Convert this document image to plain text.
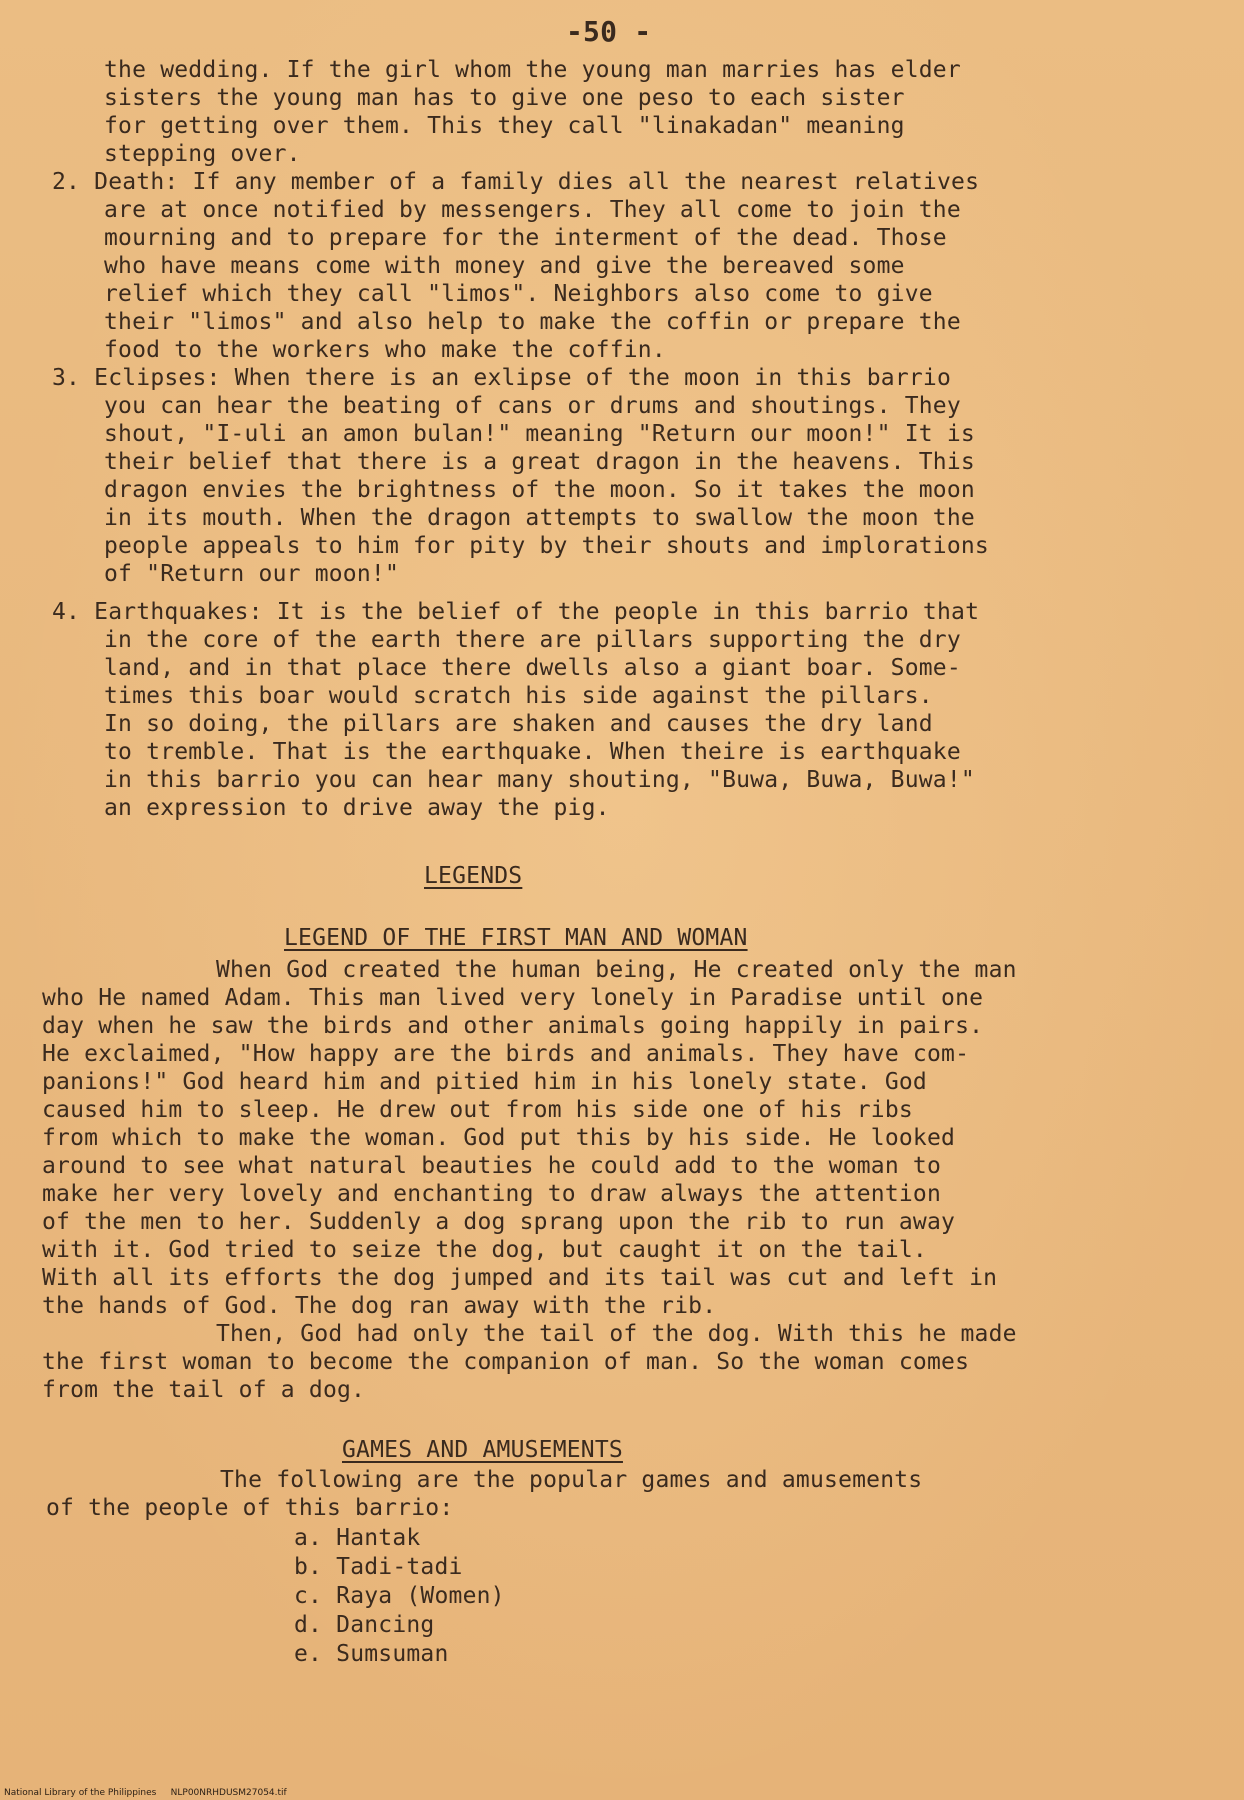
-50 -
the wedding. If the girl whom the young man marries has elder
sisters the young man has to give one peso to each sister
for getting over them. This they call "linakadan" meaning
stepping over.
2. Death: If any member of a family dies all the nearest relatives
are at once notified by messengers. They all come to join the
mourning and to prepare for the interment of the dead. Those
who have means come with money and give the bereaved some
relief which they call "limos". Neighbors also come to give
their "limos" and also help to make the coffin or prepare the
food to the workers who make the coffin.
3. Eclipses: When there is an exlipse of the moon in this barrio
you can hear the beating of cans or drums and shoutings. They
shout, "I-uli an amon bulan!" meaning "Return our moon!" It is
their belief that there is a great dragon in the heavens. This
dragon envies the brightness of the moon. So it takes the moon
in its mouth. When the dragon attempts to swallow the moon the
people appeals to him for pity by their shouts and implorations
of "Return our moon!"
4. Earthquakes: It is the belief of the people in this barrio that
in the core of the earth there are pillars supporting the dry
land, and in that place there dwells also a giant boar. Some-
times this boar would scratch his side against the pillars.
In so doing, the pillars are shaken and causes the dry land
to tremble. That is the earthquake. When theire is earthquake
in this barrio you can hear many shouting, "Buwa, Buwa, Buwa!"
an expression to drive away the pig.
LEGENDS
LEGEND OF THE FIRST MAN AND WOMAN
When God created the human being, He created only the man
who He named Adam. This man lived very lonely in Paradise until one
day when he saw the birds and other animals going happily in pairs.
He exclaimed, "How happy are the birds and animals. They have com-
panions!" God heard him and pitied him in his lonely state. God
caused him to sleep. He drew out from his side one of his ribs
from which to make the woman. God put this by his side. He looked
around to see what natural beauties he could add to the woman to
make her very lovely and enchanting to draw always the attention
of the men to her. Suddenly a dog sprang upon the rib to run away
with it. God tried to seize the dog, but caught it on the tail.
With all its efforts the dog jumped and its tail was cut and left in
the hands of God. The dog ran away with the rib.
Then, God had only the tail of the dog. With this he made
the first woman to become the companion of man. So the woman comes
from the tail of a dog.
GAMES AND AMUSEMENTS
The following are the popular games and amusements
of the people of this barrio:
a. Hantak
b. Tadi-tadi
c. Raya (Women)
d. Dancing
e. Sumsuman
National Library of the Philippines     NLP00NRHDUSM27054.tif
